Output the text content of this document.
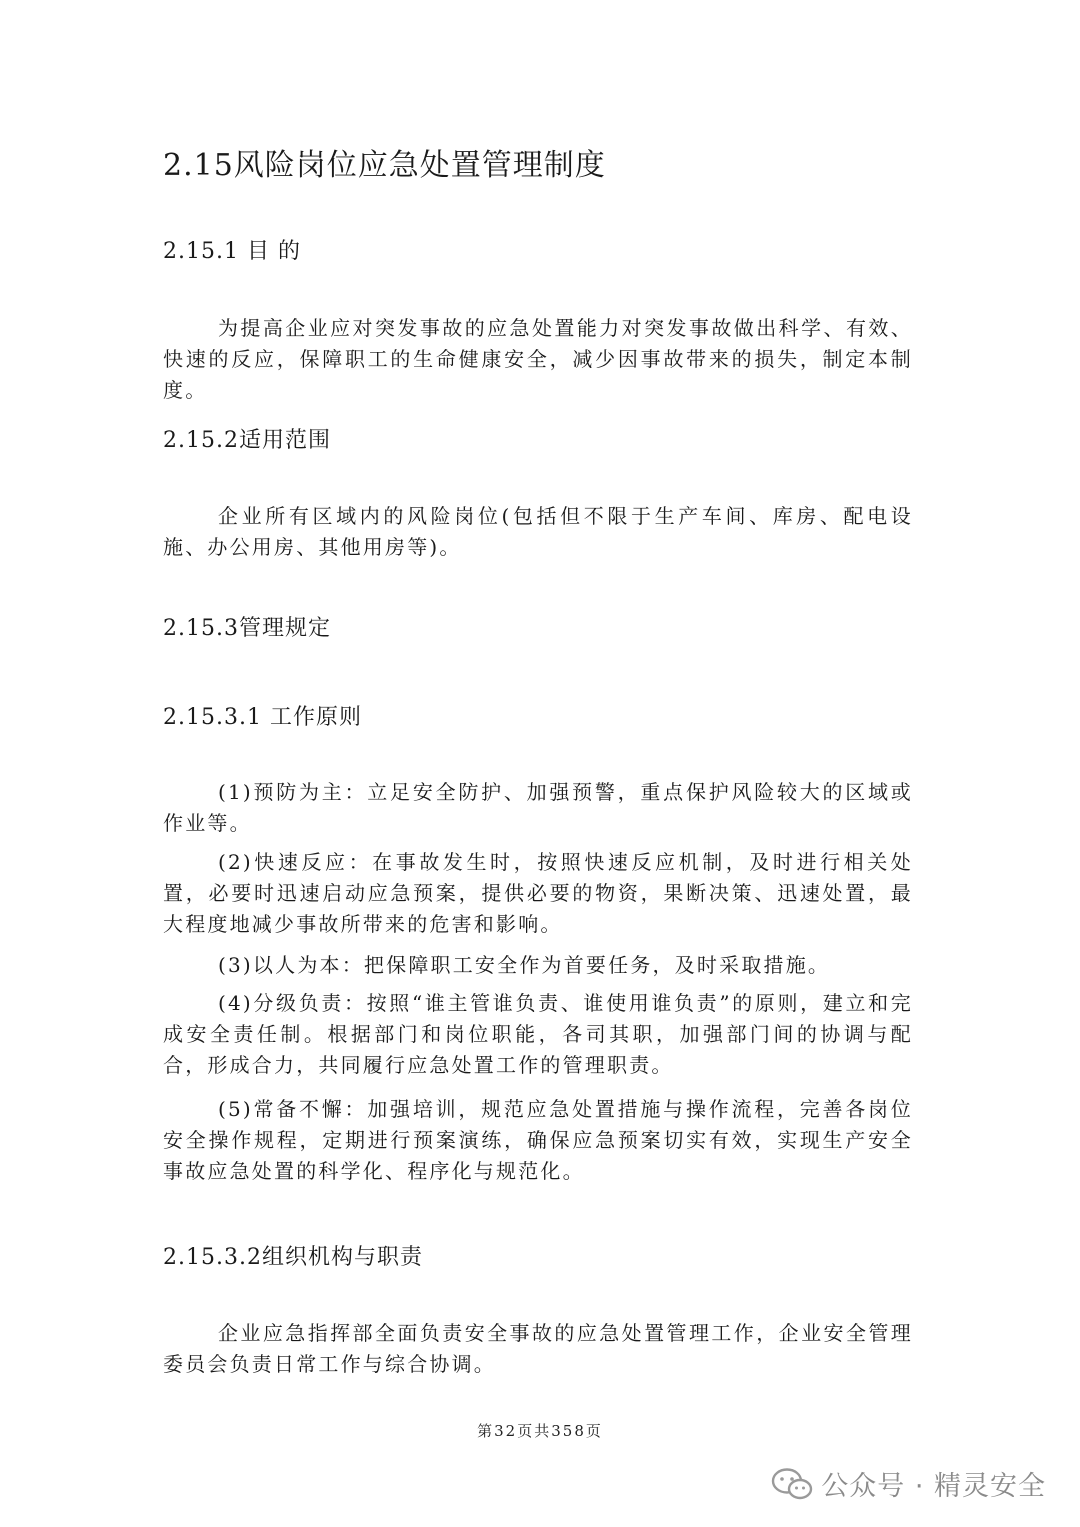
2.15风险岗位应急处置管理制度
2.15.1 目 的

为提高企业应对突发事故的应急处置能力对突发事故做出科学、有效、快速的反应，保障职工的生命健康安全，减少因事故带来的损失，制定本制度。

2.15.2适用范围

企业所有区域内的风险岗位(包括但不限于生产车间、库房、配电设施、办公用房、其他用房等)。

2.15.3管理规定
2.15.3.1 工作原则

(1)预防为主：立足安全防护、加强预警，重点保护风险较大的区域或作业等。

(2)快速反应：在事故发生时，按照快速反应机制，及时进行相关处置，必要时迅速启动应急预案，提供必要的物资，果断决策、迅速处置，最大程度地减少事故所带来的危害和影响。

(3)以人为本：把保障职工安全作为首要任务，及时采取措施。

(4)分级负责：按照“谁主管谁负责、谁使用谁负责”的原则，建立和完成安全责任制。根据部门和岗位职能，各司其职，加强部门间的协调与配合，形成合力，共同履行应急处置工作的管理职责。

(5)常备不懈：加强培训，规范应急处置措施与操作流程，完善各岗位安全操作规程，定期进行预案演练，确保应急预案切实有效，实现生产安全事故应急处置的科学化、程序化与规范化。

2.15.3.2组织机构与职责

企业应急指挥部全面负责安全事故的应急处置管理工作，企业安全管理委员会负责日常工作与综合协调。

第32页共358页
公众号 · 精灵安全
